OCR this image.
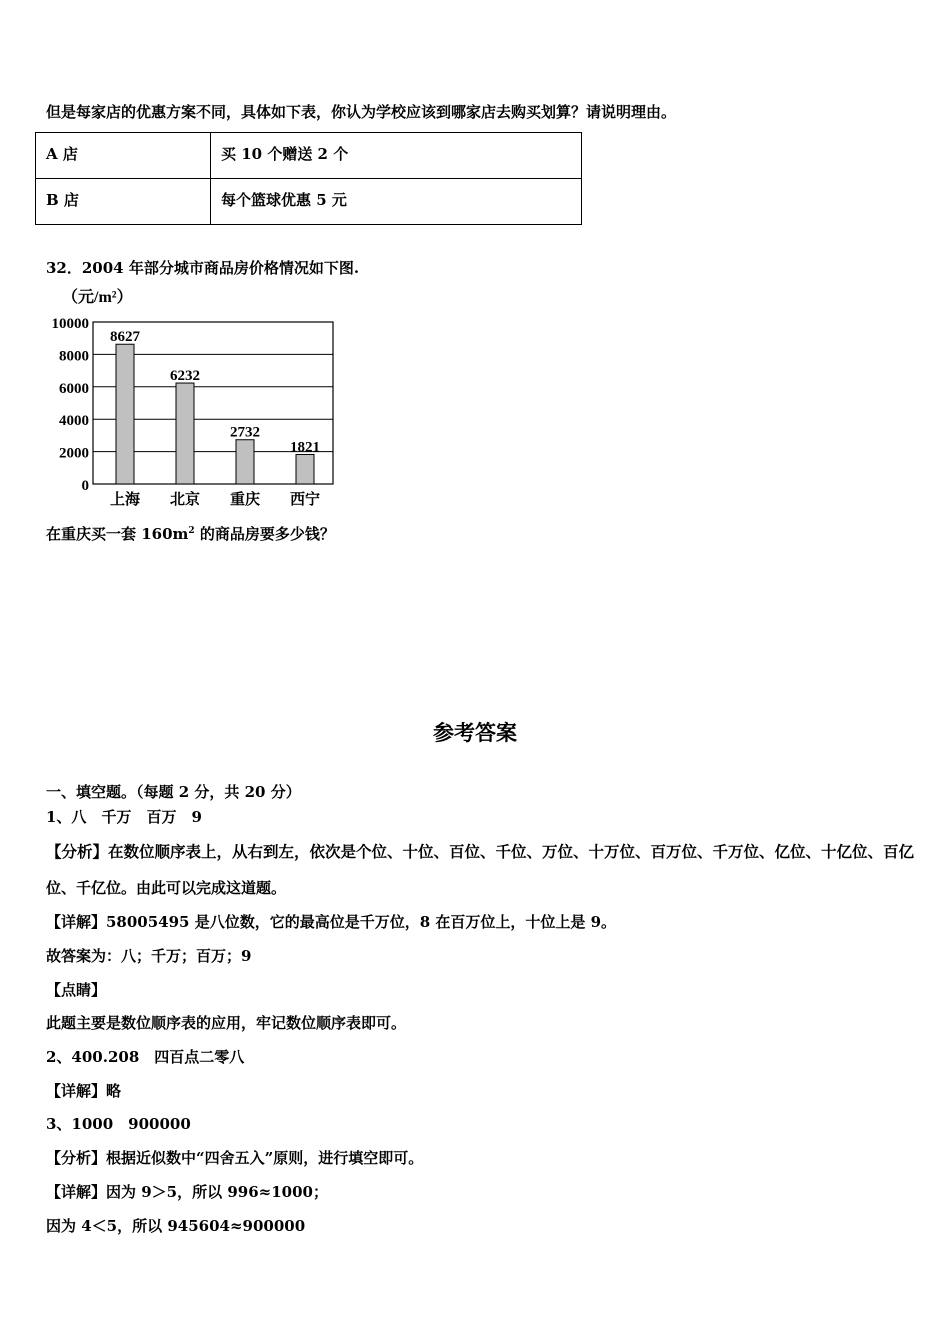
但是每家店的优惠方案不同，具体如下表，你认为学校应该到哪家店去购买划算？请说明理由。
A 店	买 10 个赠送 2 个
B 店	每个篮球优惠 5 元
32．2004 年部分城市商品房价格情况如下图.
（元/m²）
10000
8000
6000
4000
2000
0
8627
6232
2732
1821
上海 北京 重庆 西宁
在重庆买一套 $160m^2$ 的商品房要多少钱？
参考答案
一、填空题。（每题 2 分，共 20 分）
1、八　千万　百万　9
【分析】在数位顺序表上，从右到左，依次是个位、十位、百位、千位、万位、十万位、百万位、千万位、亿位、十亿位、百亿
位、千亿位。由此可以完成这道题。
【详解】58005495 是八位数，它的最高位是千万位，8 在百万位上，十位上是 9。
故答案为：八；千万；百万；9
【点睛】
此题主要是数位顺序表的应用，牢记数位顺序表即可。
2、400.208　四百点二零八
【详解】略
3、1000　900000
【分析】根据近似数中“四舍五入”原则，进行填空即可。
【详解】因为 9＞5，所以 996≈1000；
因为 4＜5，所以 945604≈900000
